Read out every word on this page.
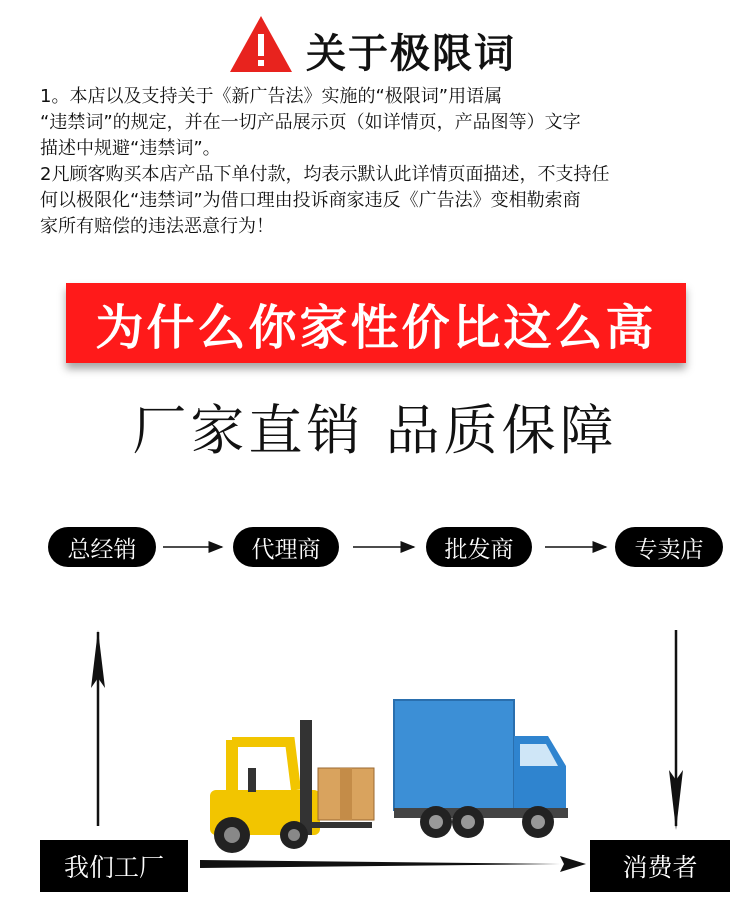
关于极限词

1。本店以及支持关于《新广告法》实施的“极限词”用语属

“违禁词”的规定，并在一切产品展示页（如详情页，产品图等）文字

描述中规避“违禁词”。

2凡顾客购买本店产品下单付款，均表示默认此详情页面描述，不支持任

何以极限化“违禁词”为借口理由投诉商家违反《广告法》变相勒索商

家所有赔偿的违法恶意行为！

为什么你家性价比这么高
厂家直销 品质保障
总经销	代理商	批发商	专卖店
我们工厂	消费者
